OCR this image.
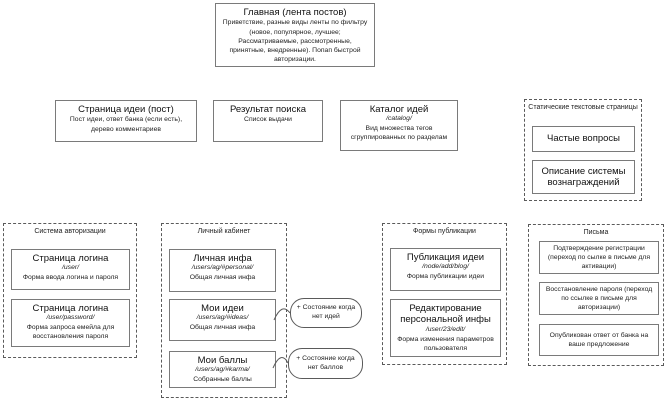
Главная (лента постов)
Приветствие, разные виды ленты по фильтру (новое, популярное, лучшее; Рассматриваемые, рассмотренные, принятные, внедренные). Попап быстрой авторизации.
Страница идеи (пост)
Пост идеи, ответ банка (если есть), дерево комментариев
Результат поиска
Список выдачи
Каталог идей
/catalog/
Вид множества тегов сгруппированных по разделам
Статические текстовые страницы
Частые вопросы
Описание системы вознаграждений
Система авторизации
Страница логина
/user/
Форма ввода логина и пароля
Страница логина
/user/password/
Форма запроса емейла для восстановления пароля
Личный кабинет
Личная инфа
/users/ag/#personal/
Общая личная инфа
Мои идеи
/users/ag/#ideas/
Общая личная инфа
Мои баллы
/users/ag/#karma/
Собранные баллы
+ Состояние когда нет идей
+ Состояние когда нет баллов
Формы публикации
Публикация идеи
/node/add/blog/
Форма публикации идеи
Редактирование персональной инфы
/user/23/edit/
Форма изменения параметров пользователя
Письма
Подтверждение регистрации (переход по сылке в письме для активации)
Восстановление пароля (переход по ссылке в письме для авторизации)
Опубликован ответ от банка на ваше предложение
